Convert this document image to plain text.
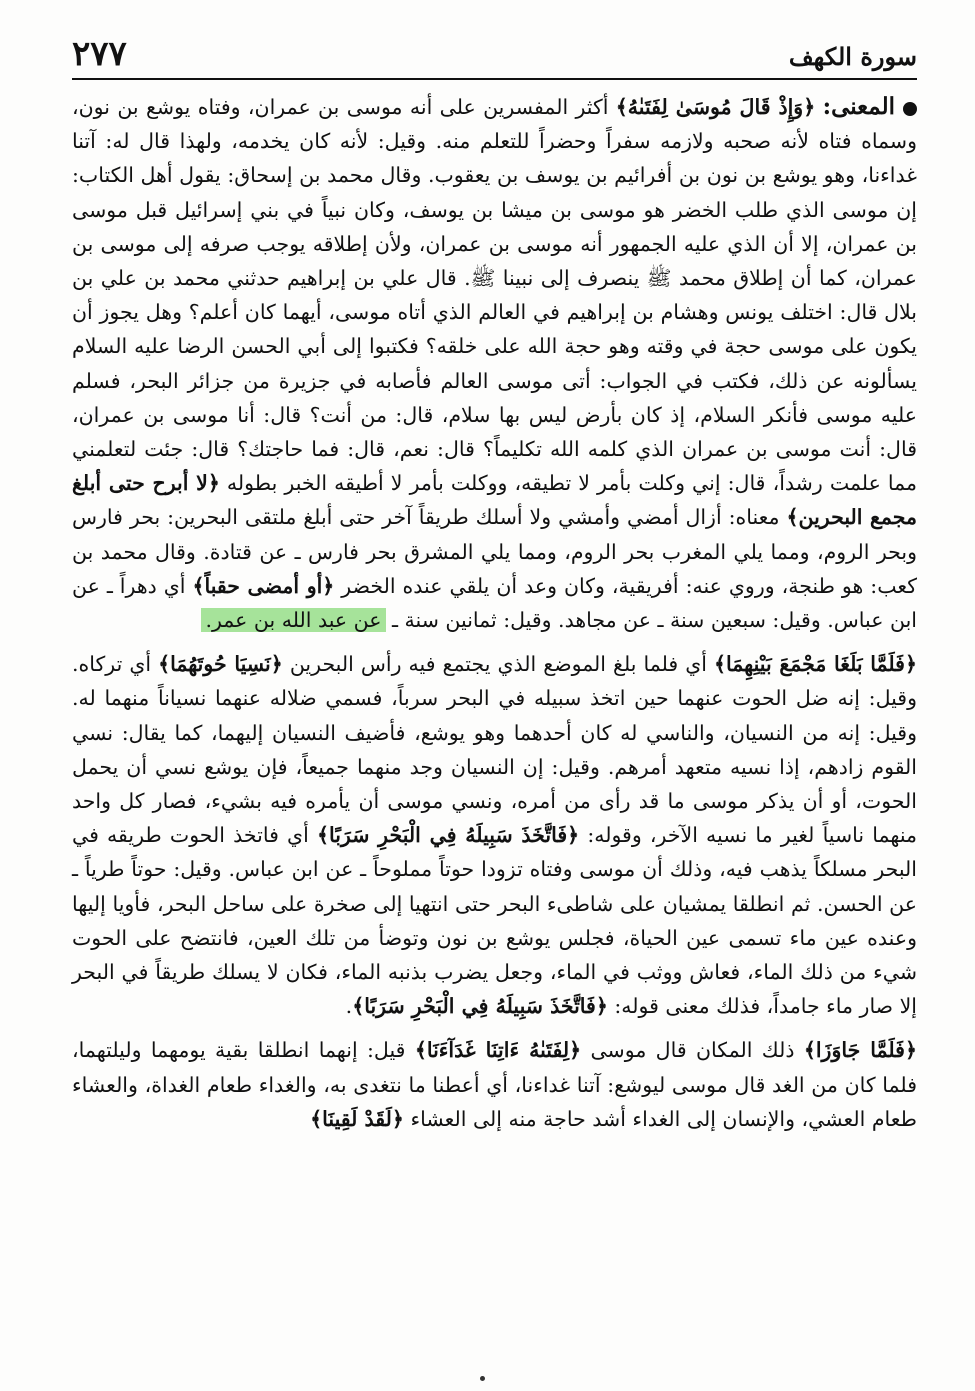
سورة الكهف
٢٧٧

المعنى: ﴿وَإِذْ قَالَ مُوسَىٰ لِفَتَىٰهُ﴾ أكثر المفسرين على أنه موسى بن عمران، وفتاه يوشع بن نون، وسماه فتاه لأنه صحبه ولازمه سفراً وحضراً للتعلم منه. وقيل: لأنه كان يخدمه، ولهذا قال له: آتنا غداءنا، وهو يوشع بن نون بن أفرائيم بن يوسف بن يعقوب. وقال محمد بن إسحاق: يقول أهل الكتاب: إن موسى الذي طلب الخضر هو موسى بن ميشا بن يوسف، وكان نبياً في بني إسرائيل قبل موسى بن عمران، إلا أن الذي عليه الجمهور أنه موسى بن عمران، ولأن إطلاقه يوجب صرفه إلى موسى بن عمران، كما أن إطلاق محمد ﷺ ينصرف إلى نبينا ﷺ. قال علي بن إبراهيم حدثني محمد بن علي بن بلال قال: اختلف يونس وهشام بن إبراهيم في العالم الذي أتاه موسى، أيهما كان أعلم؟ وهل يجوز أن يكون على موسى حجة في وقته وهو حجة الله على خلقه؟ فكتبوا إلى أبي الحسن الرضا عليه السلام يسألونه عن ذلك، فكتب في الجواب: أتى موسى العالم فأصابه في جزيرة من جزائر البحر، فسلم عليه موسى فأنكر السلام، إذ كان بأرض ليس بها سلام، قال: من أنت؟ قال: أنا موسى بن عمران، قال: أنت موسى بن عمران الذي كلمه الله تكليماً؟ قال: نعم، قال: فما حاجتك؟ قال: جئت لتعلمني مما علمت رشداً، قال: إني وكلت بأمر لا تطيقه، ووكلت بأمر لا أطيقه الخبر بطوله ﴿لا أبرح حتى أبلغ مجمع البحرين﴾ معناه: أزال أمضي وأمشي ولا أسلك طريقاً آخر حتى أبلغ ملتقى البحرين: بحر فارس وبحر الروم، ومما يلي المغرب بحر الروم، ومما يلي المشرق بحر فارس ـ عن قتادة. وقال محمد بن كعب: هو طنجة، وروي عنه: أفريقية، وكان وعد أن يلقي عنده الخضر ﴿أو أمضى حقباً﴾ أي دهراً ـ عن ابن عباس. وقيل: سبعين سنة ـ عن مجاهد. وقيل: ثمانين سنة ـ عن عبد الله بن عمر.

﴿فَلَمَّا بَلَغَا مَجْمَعَ بَيْنِهِمَا﴾ أي فلما بلغ الموضع الذي يجتمع فيه رأس البحرين ﴿نَسِيَا حُوتَهُمَا﴾ أي تركاه. وقيل: إنه ضل الحوت عنهما حين اتخذ سبيله في البحر سرباً، فسمي ضلاله عنهما نسياناً منهما له. وقيل: إنه من النسيان، والناسي له كان أحدهما وهو يوشع، فأضيف النسيان إليهما، كما يقال: نسي القوم زادهم، إذا نسيه متعهد أمرهم. وقيل: إن النسيان وجد منهما جميعاً، فإن يوشع نسي أن يحمل الحوت، أو أن يذكر موسى ما قد رأى من أمره، ونسي موسى أن يأمره فيه بشيء، فصار كل واحد منهما ناسياً لغير ما نسيه الآخر، وقوله: ﴿فَاتَّخَذَ سَبِيلَهُ فِي الْبَحْرِ سَرَبًا﴾ أي فاتخذ الحوت طريقه في البحر مسلكاً يذهب فيه، وذلك أن موسى وفتاه تزودا حوتاً مملوحاً ـ عن ابن عباس. وقيل: حوتاً طرياً ـ عن الحسن. ثم انطلقا يمشيان على شاطىء البحر حتى انتهيا إلى صخرة على ساحل البحر، فأويا إليها وعنده عين ماء تسمى عين الحياة، فجلس يوشع بن نون وتوضأ من تلك العين، فانتضح على الحوت شيء من ذلك الماء، فعاش ووثب في الماء، وجعل يضرب بذنبه الماء، فكان لا يسلك طريقاً في البحر إلا صار ماء جامداً، فذلك معنى قوله: ﴿فَاتَّخَذَ سَبِيلَهُ فِي الْبَحْرِ سَرَبًا﴾.

﴿فَلَمَّا جَاوَزَا﴾ ذلك المكان قال موسى ﴿لِفَتَىٰهُ ءَاتِنَا غَدَآءَنَا﴾ قيل: إنهما انطلقا بقية يومهما وليلتهما، فلما كان من الغد قال موسى ليوشع: آتنا غداءنا، أي أعطنا ما نتغدى به، والغداء طعام الغداة، والعشاء طعام العشي، والإنسان إلى الغداء أشد حاجة منه إلى العشاء ﴿لَقَدْ لَقِينَا﴾
